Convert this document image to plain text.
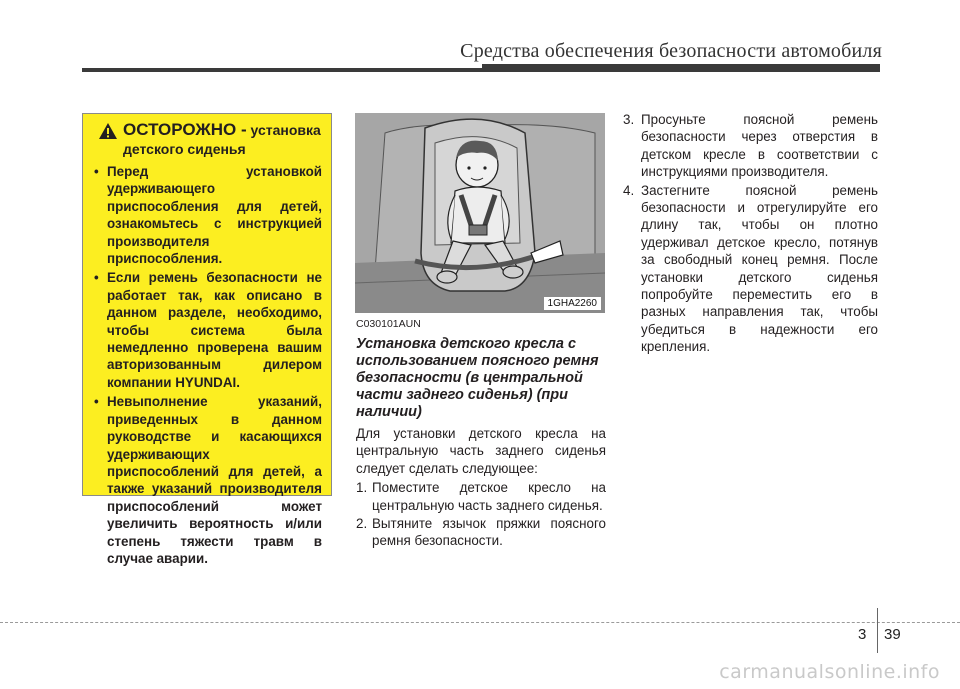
Средства обеспечения безопасности автомобиля
ОСТОРОЖНО - установка
детского сиденья
• Перед установкой удерживающего приспособления для детей, ознакомьтесь с инструкцией производителя приспособления.
• Если ремень безопасности не работает так, как описано в данном разделе, необходимо, чтобы система была немедленно проверена вашим авторизованным дилером компании HYUNDAI.
• Невыполнение указаний, приведенных в данном руководстве и касающихся удерживающих приспособлений для детей, а также указаний производителя приспособлений может увеличить вероятность и/или степень тяжести травм в случае аварии.
1GHA2260
C030101AUN
Установка детского кресла с использованием поясного ремня безопасности (в центральной части заднего сиденья) (при наличии)
Для установки детского кресла на центральную часть заднего сиденья следует сделать следующее:
1. Поместите детское кресло на центральную часть заднего сиденья.
2. Вытяните язычок пряжки поясного ремня безопасности.
3. Просуньте поясной ремень безопасности через отверстия в детском кресле в соответствии с инструкциями производителя.
4. Застегните поясной ремень безопасности и отрегулируйте его длину так, чтобы он плотно удерживал детское кресло, потянув за свободный конец ремня. После установки детского сиденья попробуйте переместить его в разных направления так, чтобы убедиться в надежности его крепления.
3 39
carmanualsonline.info
